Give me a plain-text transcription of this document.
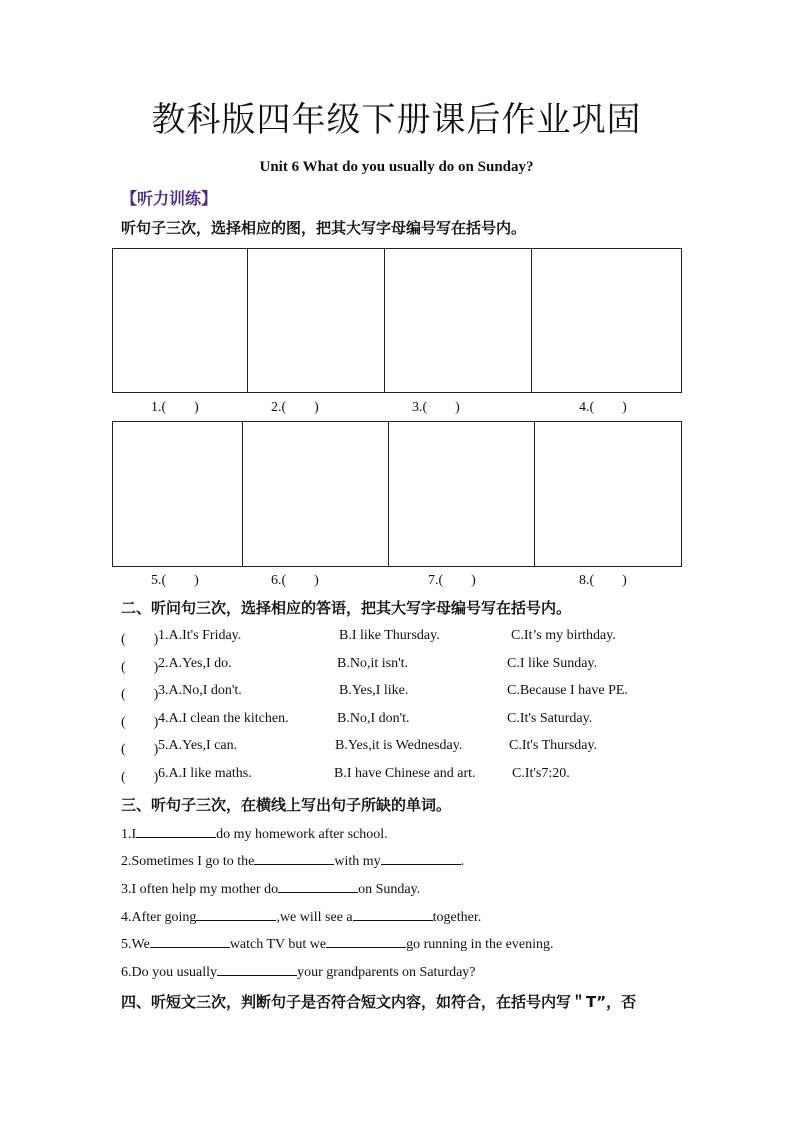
教科版四年级下册课后作业巩固
Unit 6 What do you usually do on Sunday?
【听力训练】
听句子三次，选择相应的图，把其大写字母编号写在括号内。
1.(　　)	2.(　　)	3.(　　)	4.(　　)
5.(　　)	6.(　　)	7.(　　)	8.(　　)
二、听问句三次，选择相应的答语，把其大写字母编号写在括号内。
(　　) 1.A.It's Friday.	B.I like Thursday.	C.It’s my birthday.
(　　) 2.A.Yes,I do.	B.No,it isn't.	C.I like Sunday.
(　　) 3.A.No,I don't.	B.Yes,I like.	C.Because I have PE.
(　　) 4.A.I clean the kitchen.	B.No,I don't.	C.It's Saturday.
(　　) 5.A.Yes,I can.	B.Yes,it is Wednesday.	C.It's Thursday.
(　　) 6.A.I like maths.	B.I have Chinese and art.	C.It's7:20.
三、听句子三次，在横线上写出句子所缺的单词。
1.I	do my homework after school.
2.Sometimes I go to the	with my	.
3.I often help my mother do	on Sunday.
4.After going	,we will see a	together.
5.We	watch TV but we	go running in the evening.
6.Do you usually	your grandparents on Saturday?
四、听短文三次，判断句子是否符合短文内容，如符合，在括号内写＂T”，否
